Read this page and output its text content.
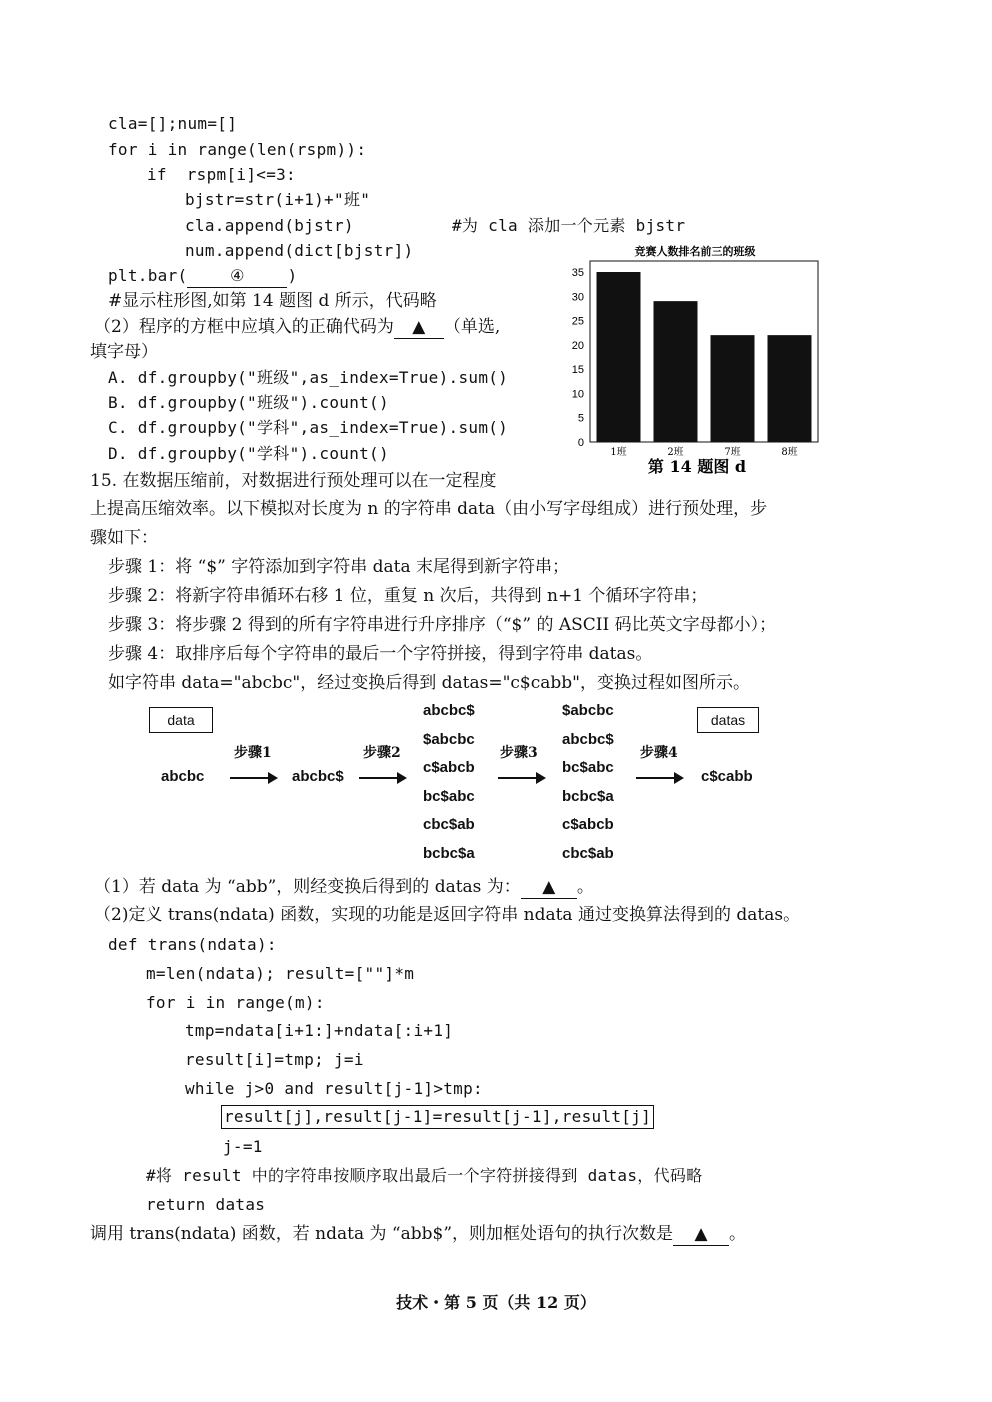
cla=[];num=[]
for i in range(len(rspm)):
if  rspm[i]<=3:
bjstr=str(i+1)+"班"
cla.append(bjstr)	#为 cla 添加一个元素 bjstr
num.append(dict[bjstr])
plt.bar(	④	)
#显示柱形图,如第 14 题图 d 所示，代码略
（2）程序的方框中应填入的正确代码为 ▲ （单选,
填字母）
A. df.groupby("班级",as_index=True).sum()
B. df.groupby("班级").count()
C. df.groupby("学科",as_index=True).sum()
D. df.groupby("学科").count()
竞赛人数排名前三的班级
0
5
10
15
20
25
30
35
1班	2班	7班	8班
第 14 题图 d
15. 在数据压缩前，对数据进行预处理可以在一定程度
上提高压缩效率。以下模拟对长度为 n 的字符串 data（由小写字母组成）进行预处理，步
骤如下：
步骤 1：将 “$” 字符添加到字符串 data 末尾得到新字符串；
步骤 2：将新字符串循环右移 1 位，重复 n 次后，共得到 n+1 个循环字符串；
步骤 3：将步骤 2 得到的所有字符串进行升序排序（“$” 的 ASCII 码比英文字母都小）；
步骤 4：取排序后每个字符串的最后一个字符拼接，得到字符串 datas。
如字符串 data="abcbc"，经过变换后得到 datas="c$cabb"，变换过程如图所示。
data	datas
abcbc
步骤1
abcbc$
步骤2
abcbc$
$abcbc
c$abcb
bc$abc
cbc$ab
bcbc$a
步骤3
$abcbc
abcbc$
bc$abc
bcbc$a
c$abcb
cbc$ab
步骤4
c$cabb
（1）若 data 为 “abb”，则经变换后得到的 datas 为： ▲ 。
（2)定义 trans(ndata) 函数，实现的功能是返回字符串 ndata 通过变换算法得到的 datas。
def trans(ndata):
m=len(ndata); result=[""]*m
for i in range(m):
tmp=ndata[i+1:]+ndata[:i+1]
result[i]=tmp; j=i
while j>0 and result[j-1]>tmp:
result[j],result[j-1]=result[j-1],result[j]
j-=1
#将 result 中的字符串按顺序取出最后一个字符拼接得到 datas，代码略
return datas
调用 trans(ndata) 函数，若 ndata 为 “abb$”，则加框处语句的执行次数是 ▲ 。
技术・第 5 页（共 12 页）
